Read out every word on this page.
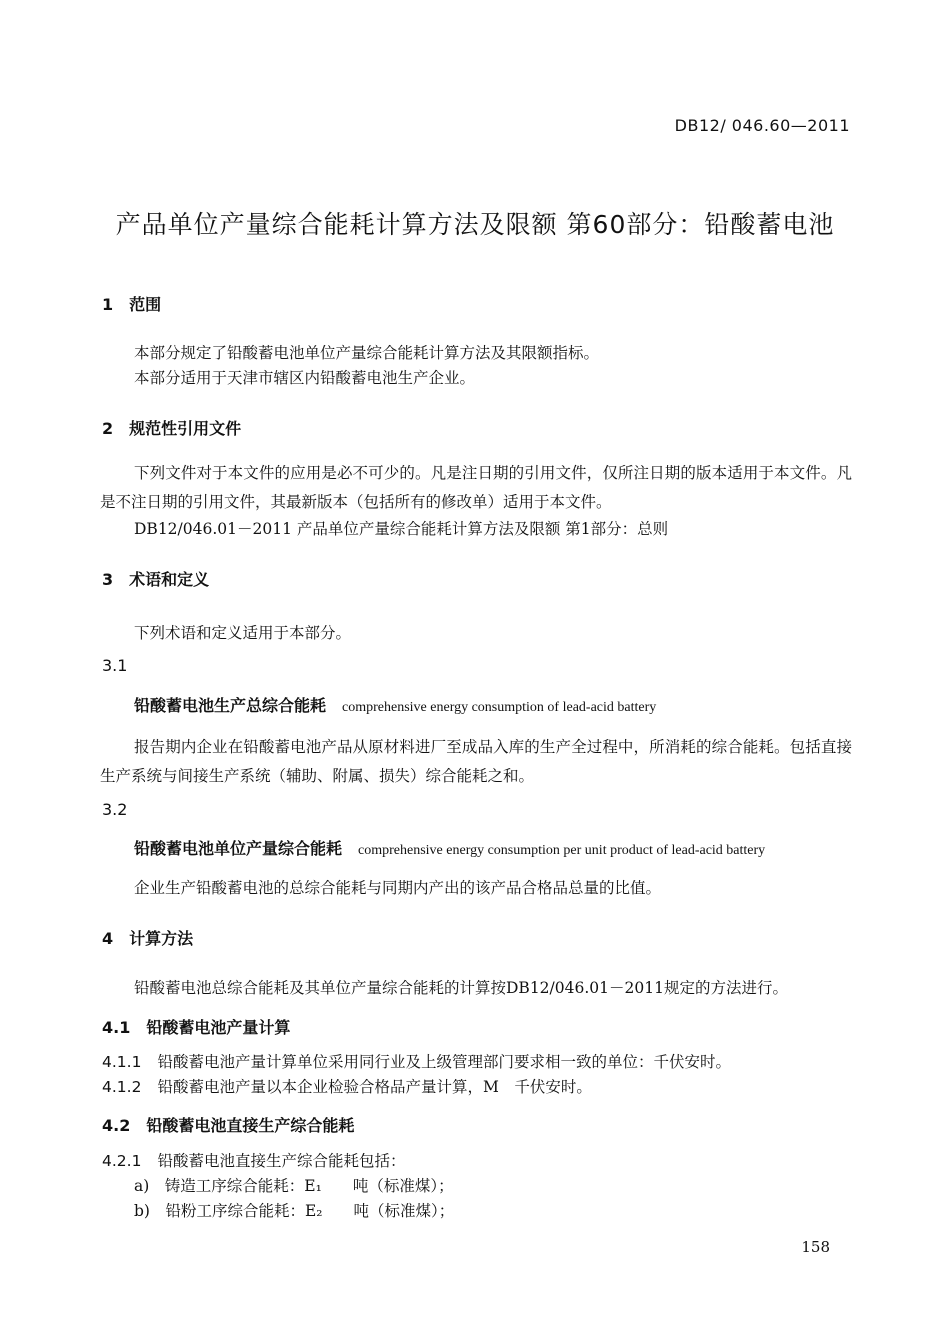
DB12/ 046.60—2011
产品单位产量综合能耗计算方法及限额 第60部分：铅酸蓄电池
1　范围
本部分规定了铅酸蓄电池单位产量综合能耗计算方法及其限额指标。
本部分适用于天津市辖区内铅酸蓄电池生产企业。
2　规范性引用文件
下列文件对于本文件的应用是必不可少的。凡是注日期的引用文件，仅所注日期的版本适用于本文件。凡是不注日期的引用文件，其最新版本（包括所有的修改单）适用于本文件。
DB12/046.01－2011 产品单位产量综合能耗计算方法及限额 第1部分：总则
3　术语和定义
下列术语和定义适用于本部分。
3.1
铅酸蓄电池生产总综合能耗 comprehensive energy consumption of lead-acid battery
报告期内企业在铅酸蓄电池产品从原材料进厂至成品入库的生产全过程中，所消耗的综合能耗。包括直接生产系统与间接生产系统（辅助、附属、损失）综合能耗之和。
3.2
铅酸蓄电池单位产量综合能耗 comprehensive energy consumption per unit product of lead-acid battery
企业生产铅酸蓄电池的总综合能耗与同期内产出的该产品合格品总量的比值。
4　计算方法
铅酸蓄电池总综合能耗及其单位产量综合能耗的计算按DB12/046.01－2011规定的方法进行。
4.1　铅酸蓄电池产量计算
4.1.1 铅酸蓄电池产量计算单位采用同行业及上级管理部门要求相一致的单位：千伏安时。
4.1.2 铅酸蓄电池产量以本企业检验合格品产量计算，M　千伏安时。
4.2　铅酸蓄电池直接生产综合能耗
4.2.1 铅酸蓄电池直接生产综合能耗包括：
a)　铸造工序综合能耗：E₁　　吨（标准煤）；
b)　铅粉工序综合能耗：E₂　　吨（标准煤）；
158
